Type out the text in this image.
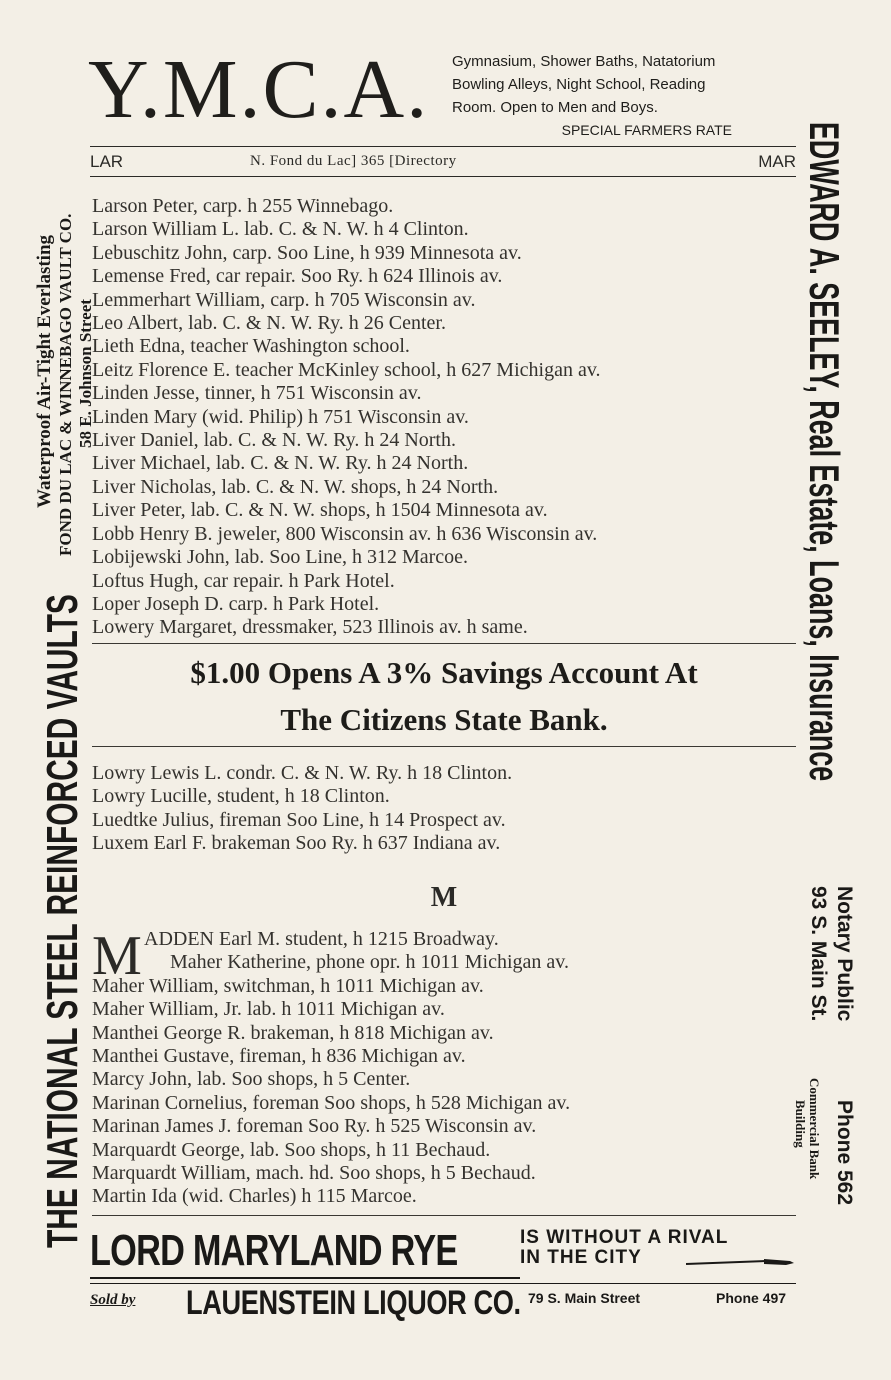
Y.M.C.A. Gymnasium, Shower Baths, Natatorium
Bowling Alleys, Night School, Reading
Room. Open to Men and Boys.
SPECIAL FARMERS RATE
LAR	N. Fond du Lac] 365 [Directory	MAR
Larson Peter, carp. h 255 Winnebago.
Larson William L. lab. C. & N. W. h 4 Clinton.
Lebuschitz John, carp. Soo Line, h 939 Minnesota av.
Lemense Fred, car repair. Soo Ry. h 624 Illinois av.
Lemmerhart William, carp. h 705 Wisconsin av.
Leo Albert, lab. C. & N. W. Ry. h 26 Center.
Lieth Edna, teacher Washington school.
Leitz Florence E. teacher McKinley school, h 627 Michigan av.
Linden Jesse, tinner, h 751 Wisconsin av.
Linden Mary (wid. Philip) h 751 Wisconsin av.
Liver Daniel, lab. C. & N. W. Ry. h 24 North.
Liver Michael, lab. C. & N. W. Ry. h 24 North.
Liver Nicholas, lab. C. & N. W. shops, h 24 North.
Liver Peter, lab. C. & N. W. shops, h 1504 Minnesota av.
Lobb Henry B. jeweler, 800 Wisconsin av. h 636 Wisconsin av.
Lobijewski John, lab. Soo Line, h 312 Marcoe.
Loftus Hugh, car repair. h Park Hotel.
Loper Joseph D. carp. h Park Hotel.
Lowery Margaret, dressmaker, 523 Illinois av. h same.
$1.00 Opens A 3% Savings Account At
The Citizens State Bank.
Lowry Lewis L. condr. C. & N. W. Ry. h 18 Clinton.
Lowry Lucille, student, h 18 Clinton.
Luedtke Julius, fireman Soo Line, h 14 Prospect av.
Luxem Earl F. brakeman Soo Ry. h 637 Indiana av.
M
M ADDEN Earl M. student, h 1215 Broadway.
Maher Katherine, phone opr. h 1011 Michigan av.
Maher William, switchman, h 1011 Michigan av.
Maher William, Jr. lab. h 1011 Michigan av.
Manthei George R. brakeman, h 818 Michigan av.
Manthei Gustave, fireman, h 836 Michigan av.
Marcy John, lab. Soo shops, h 5 Center.
Marinan Cornelius, foreman Soo shops, h 528 Michigan av.
Marinan James J. foreman Soo Ry. h 525 Wisconsin av.
Marquardt George, lab. Soo shops, h 11 Bechaud.
Marquardt William, mach. hd. Soo shops, h 5 Bechaud.
Martin Ida (wid. Charles) h 115 Marcoe.
LORD MARYLAND RYE	IS WITHOUT A RIVAL
IN THE CITY
Sold by LAUENSTEIN LIQUOR CO. 79 S. Main Street	Phone 497
THE NATIONAL STEEL REINFORCED VAULTS
Waterproof Air-Tight Everlasting FOND DU LAC & WINNEBAGO VAULT CO. 58 E. Johnson Street	EDWARD A. SEELEY, Real Estate, Loans, Insurance
Notary Public
93 S. Main St.
Phone 562
Commercial Bank
Building
